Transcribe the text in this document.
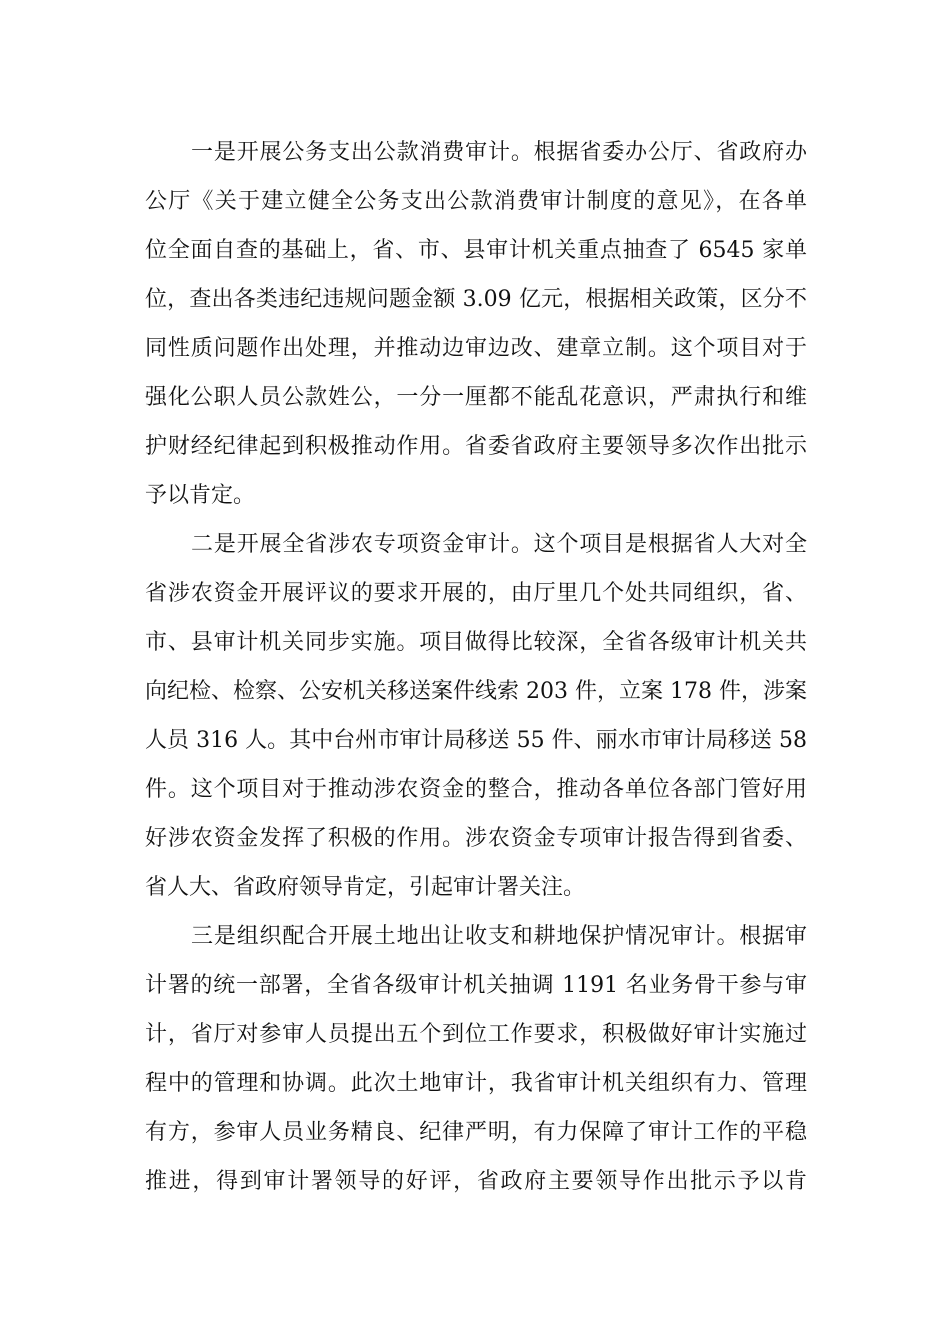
一是开展公务支出公款消费审计。根据省委办公厅、省政府办
公厅《关于建立健全公务支出公款消费审计制度的意见》，在各单
位全面自查的基础上，省、市、县审计机关重点抽查了 6545 家单
位，查出各类违纪违规问题金额 3.09 亿元，根据相关政策，区分不
同性质问题作出处理，并推动边审边改、建章立制。这个项目对于
强化公职人员公款姓公，一分一厘都不能乱花意识，严肃执行和维
护财经纪律起到积极推动作用。省委省政府主要领导多次作出批示
予以肯定。
二是开展全省涉农专项资金审计。这个项目是根据省人大对全
省涉农资金开展评议的要求开展的，由厅里几个处共同组织，省、
市、县审计机关同步实施。项目做得比较深，全省各级审计机关共
向纪检、检察、公安机关移送案件线索 203 件，立案 178 件，涉案
人员 316 人。其中台州市审计局移送 55 件、丽水市审计局移送 58
件。这个项目对于推动涉农资金的整合，推动各单位各部门管好用
好涉农资金发挥了积极的作用。涉农资金专项审计报告得到省委、
省人大、省政府领导肯定，引起审计署关注。
三是组织配合开展土地出让收支和耕地保护情况审计。根据审
计署的统一部署，全省各级审计机关抽调 1191 名业务骨干参与审
计，省厅对参审人员提出五个到位工作要求，积极做好审计实施过
程中的管理和协调。此次土地审计，我省审计机关组织有力、管理
有方，参审人员业务精良、纪律严明，有力保障了审计工作的平稳
推进，得到审计署领导的好评，省政府主要领导作出批示予以肯
